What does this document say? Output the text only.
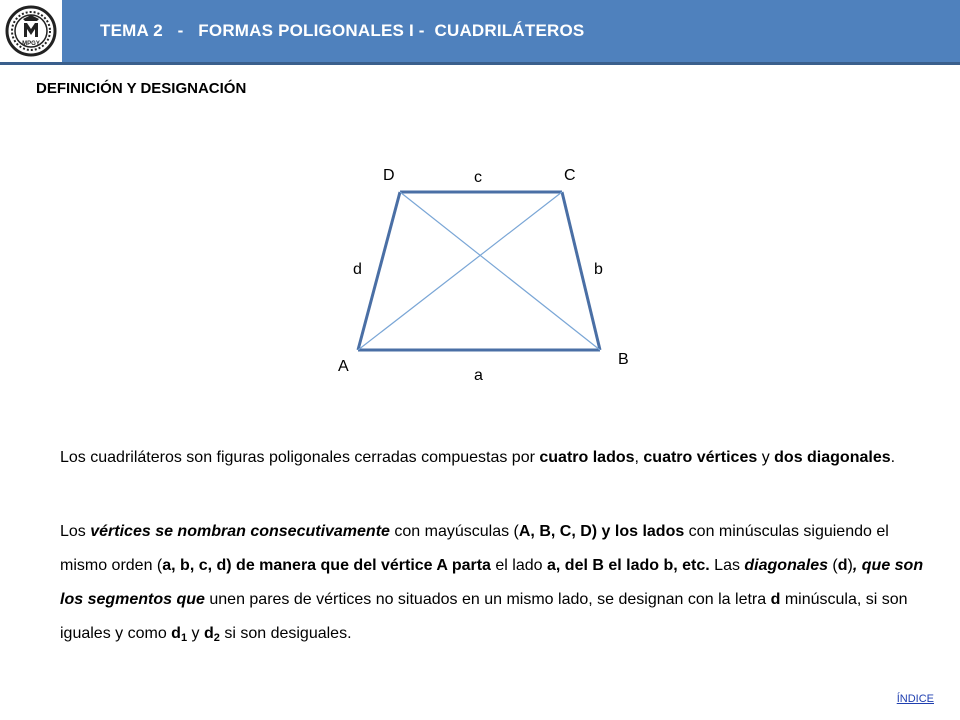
MPGY
TEMA 2   -   FORMAS POLIGONALES I -  CUADRILÁTEROS
DEFINICIÓN Y DESIGNACIÓN
D	c	C
d	b
B
A
a
Los cuadriláteros son figuras poligonales cerradas compuestas por cuatro lados, cuatro vértices y dos diagonales.
Los vértices se nombran consecutivamente con mayúsculas (A, B, C, D) y los lados con minúsculas siguiendo el mismo orden (a, b, c, d) de manera que del vértice A parta el lado a, del B el lado b, etc. Las diagonales (d), que son los segmentos que unen pares de vértices no situados en un mismo lado, se designan con la letra d minúscula, si son iguales y como $d_1$ y $d_2$ si son desiguales.
ÍNDICE
